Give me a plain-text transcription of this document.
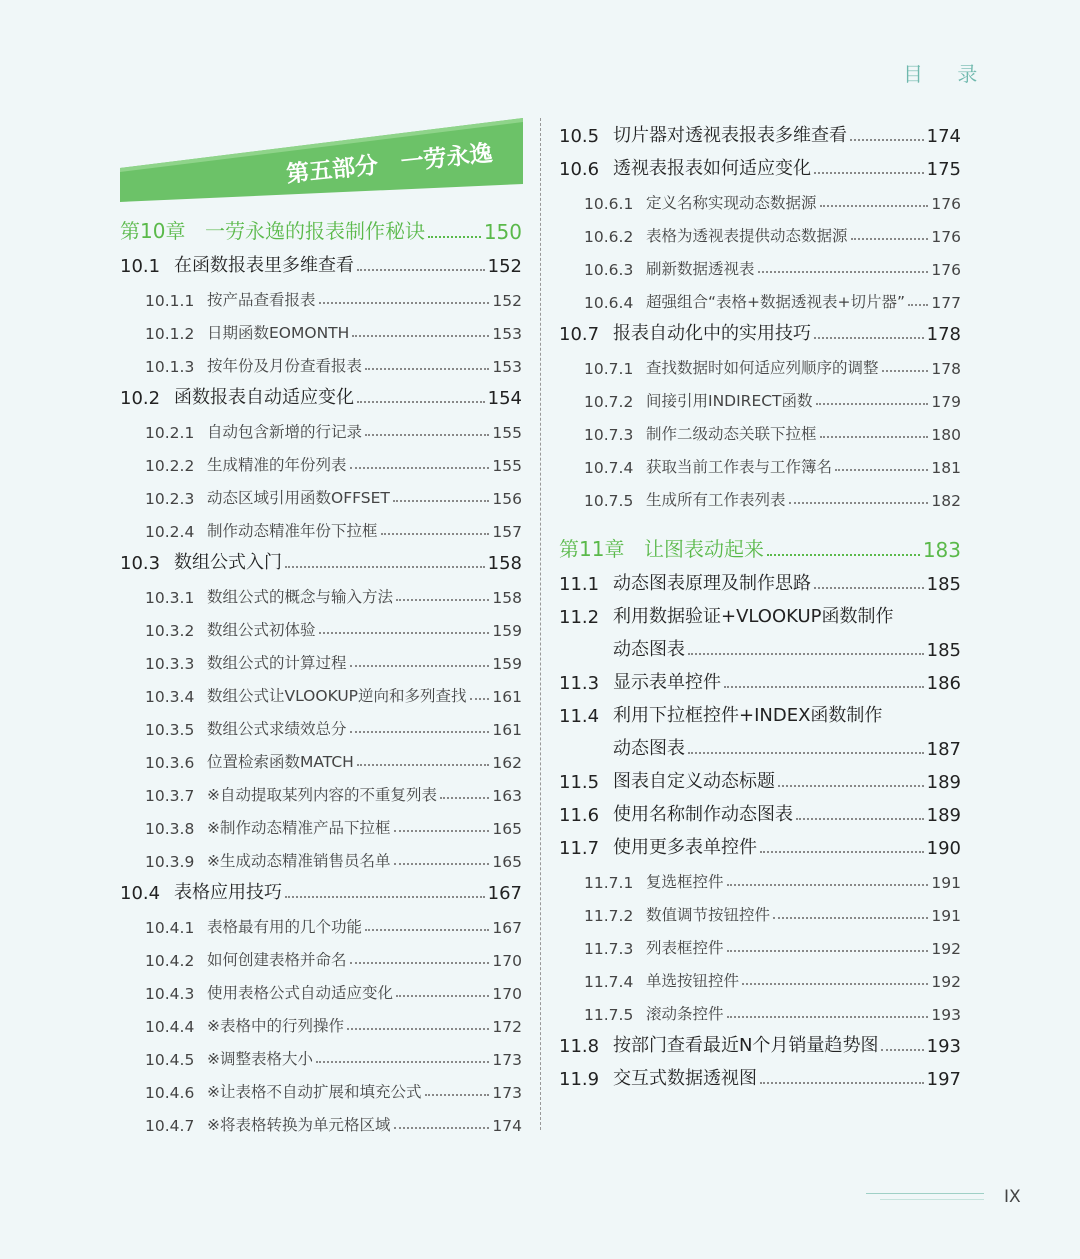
目 录
第五部分　一劳永逸
第10章 一劳永逸的报表制作秘诀	150
10.1 在函数报表里多维查看	152
10.1.1 按产品查看报表	152
10.1.2 日期函数EOMONTH	153
10.1.3 按年份及月份查看报表	153
10.2 函数报表自动适应变化	154
10.2.1 自动包含新增的行记录	155
10.2.2 生成精准的年份列表	155
10.2.3 动态区域引用函数OFFSET	156
10.2.4 制作动态精准年份下拉框	157
10.3 数组公式入门	158
10.3.1 数组公式的概念与输入方法	158
10.3.2 数组公式初体验	159
10.3.3 数组公式的计算过程	159
10.3.4 数组公式让VLOOKUP逆向和多列查找 161
10.3.5 数组公式求绩效总分	161
10.3.6 位置检索函数MATCH	162
10.3.7 ※自动提取某列内容的不重复列表	163
10.3.8 ※制作动态精准产品下拉框	165
10.3.9 ※生成动态精准销售员名单	165
10.4 表格应用技巧	167
10.4.1 表格最有用的几个功能	167
10.4.2 如何创建表格并命名	170
10.4.3 使用表格公式自动适应变化	170
10.4.4 ※表格中的行列操作	172
10.4.5 ※调整表格大小	173
10.4.6 ※让表格不自动扩展和填充公式	173
10.4.7 ※将表格转换为单元格区域	174
10.5 切片器对透视表报表多维查看	174
10.6 透视表报表如何适应变化	175
10.6.1 定义名称实现动态数据源	176
10.6.2 表格为透视表提供动态数据源	176
10.6.3 刷新数据透视表	176
10.6.4 超强组合“表格+数据透视表+切片器” 177
10.7 报表自动化中的实用技巧	178
10.7.1 查找数据时如何适应列顺序的调整	178
10.7.2 间接引用INDIRECT函数	179
10.7.3 制作二级动态关联下拉框	180
10.7.4 获取当前工作表与工作簿名	181
10.7.5 生成所有工作表列表	182
第11章 让图表动起来	183
11.1 动态图表原理及制作思路	185
11.2 利用数据验证+VLOOKUP函数制作
动态图表	185
11.3 显示表单控件	186
11.4 利用下拉框控件+INDEX函数制作
动态图表	187
11.5 图表自定义动态标题	189
11.6 使用名称制作动态图表	189
11.7 使用更多表单控件	190
11.7.1 复选框控件	191
11.7.2 数值调节按钮控件	191
11.7.3 列表框控件	192
11.7.4 单选按钮控件	192
11.7.5 滚动条控件	193
11.8 按部门查看最近N个月销量趋势图	193
11.9 交互式数据透视图	197
IX
